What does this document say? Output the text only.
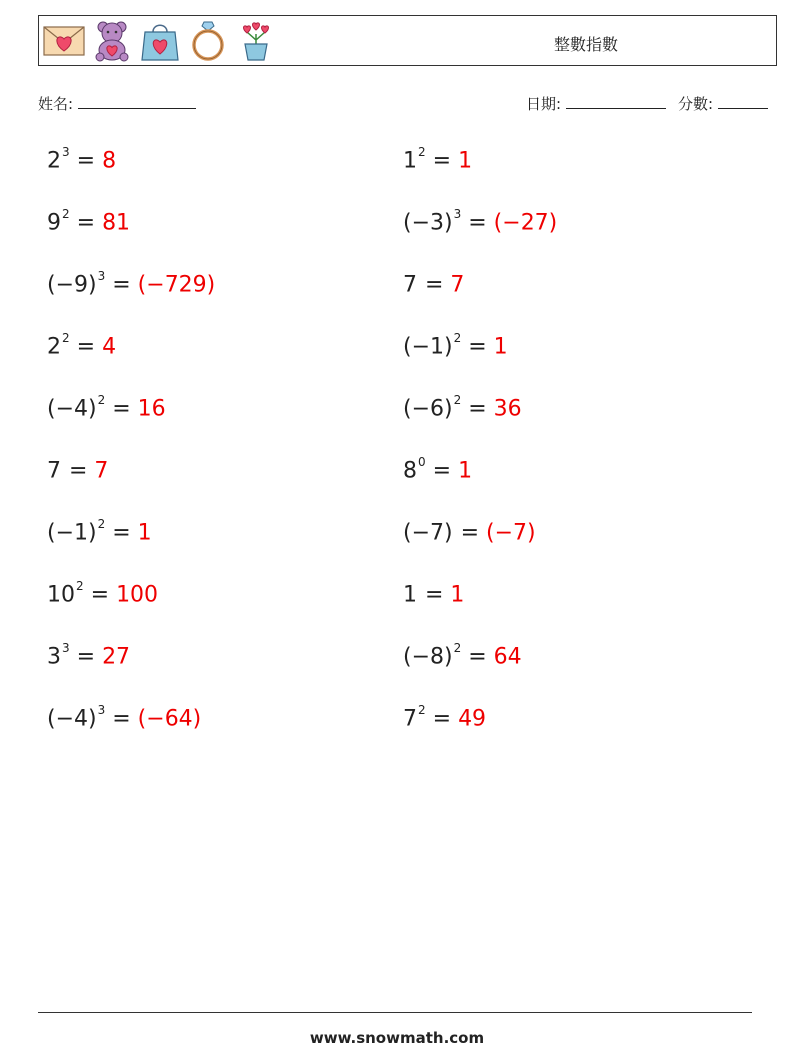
整數指數
姓名:	日期:	分數:
$2^3 = 8$	$1^2 = 1$
$9^2 = 81$	$(-3)^3 = (-27)$
$(-9)^3 = (-729)$	7 = 7
$2^2 = 4$	$(-1)^2 = 1$
$(-4)^2 = 16$	$(-6)^2 = 36$
7 = 7	$8^0 = 1$
$(-1)^2 = 1$	(−7) = (−7)
$10^2 = 100$	1 = 1
$3^3 = 27$	$(-8)^2 = 64$
$(-4)^3 = (-64)$	$7^2 = 49$
www.snowmath.com
